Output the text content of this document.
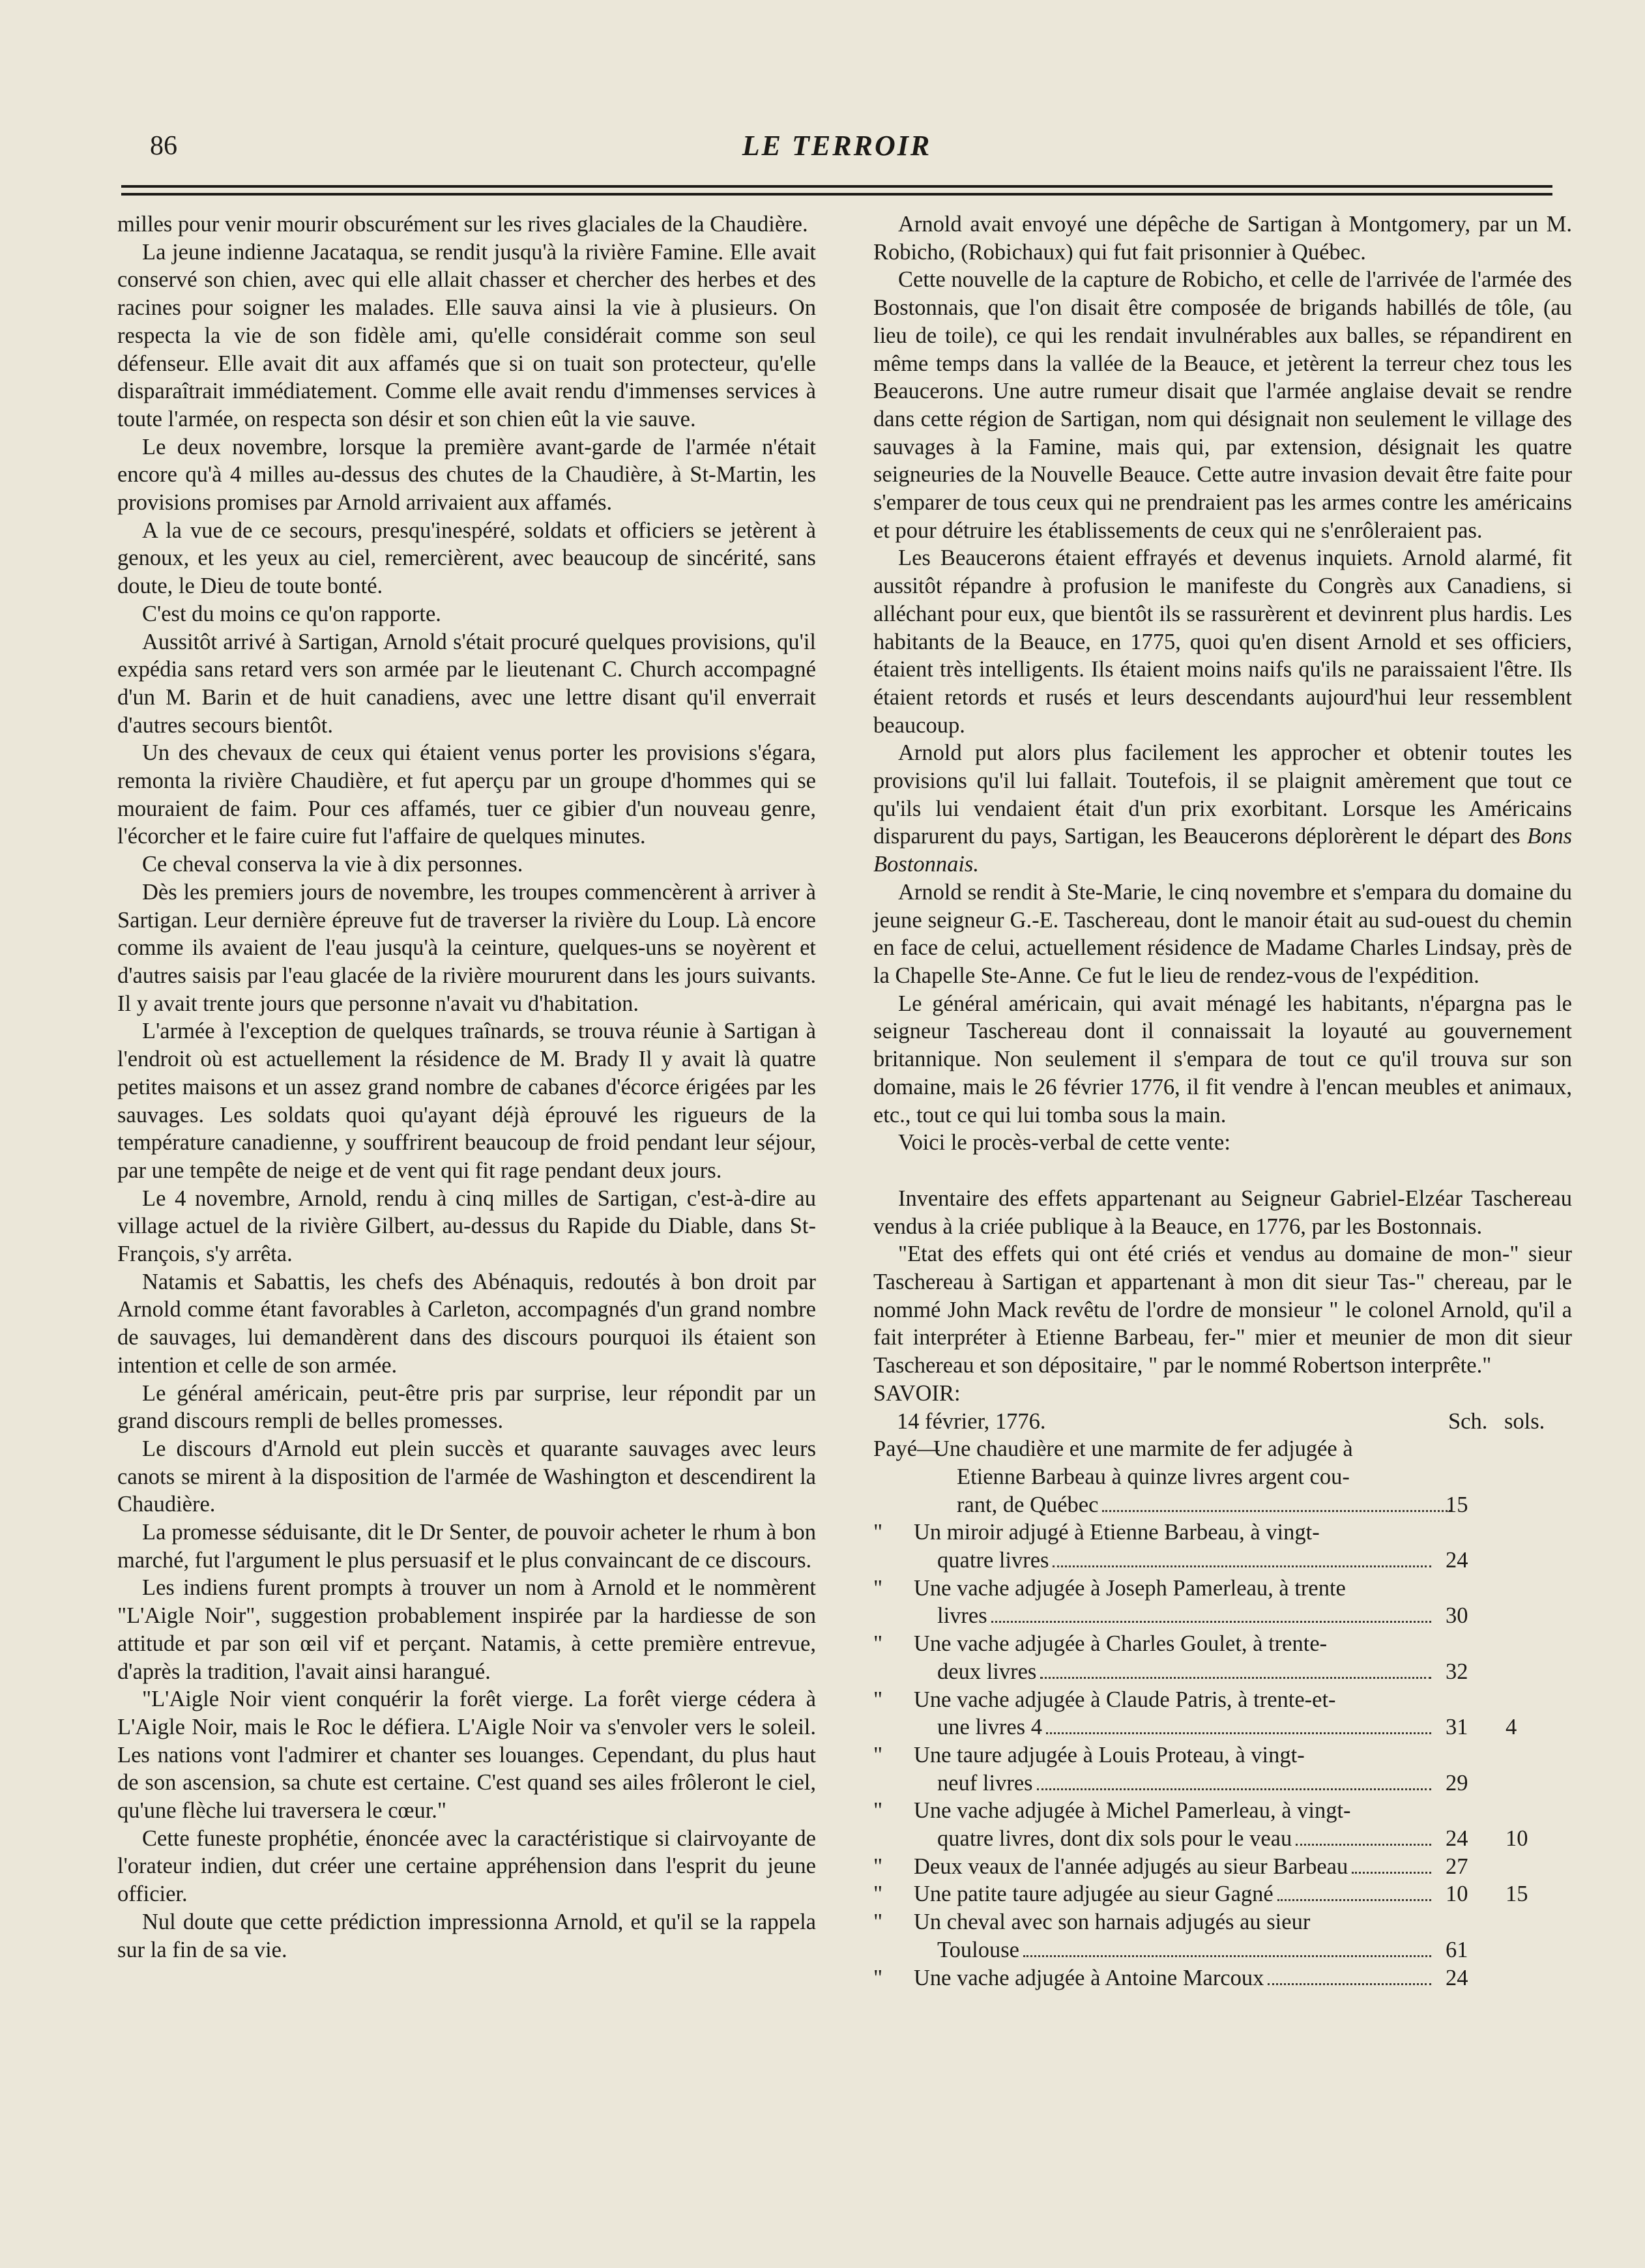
86	LE TERROIR

milles pour venir mourir obscurément sur les rives glaciales de la Chaudière.

La jeune indienne Jacataqua, se rendit jusqu'à la rivière Famine. Elle avait conservé son chien, avec qui elle allait chasser et chercher des herbes et des racines pour soigner les malades. Elle sauva ainsi la vie à plusieurs. On respecta la vie de son fidèle ami, qu'elle considérait comme son seul défenseur. Elle avait dit aux affamés que si on tuait son protecteur, qu'elle disparaîtrait immédiatement. Comme elle avait rendu d'immenses services à toute l'armée, on respecta son désir et son chien eût la vie sauve.

Le deux novembre, lorsque la première avant-garde de l'armée n'était encore qu'à 4 milles au-dessus des chutes de la Chaudière, à St-Martin, les provisions promises par Arnold arrivaient aux affamés.

A la vue de ce secours, presqu'inespéré, soldats et officiers se jetèrent à genoux, et les yeux au ciel, remercièrent, avec beaucoup de sincérité, sans doute, le Dieu de toute bonté.

C'est du moins ce qu'on rapporte.

Aussitôt arrivé à Sartigan, Arnold s'était procuré quelques provisions, qu'il expédia sans retard vers son armée par le lieutenant C. Church accompagné d'un M. Barin et de huit canadiens, avec une lettre disant qu'il enverrait d'autres secours bientôt.

Un des chevaux de ceux qui étaient venus porter les provisions s'égara, remonta la rivière Chaudière, et fut aperçu par un groupe d'hommes qui se mouraient de faim. Pour ces affamés, tuer ce gibier d'un nouveau genre, l'écorcher et le faire cuire fut l'affaire de quelques minutes.

Ce cheval conserva la vie à dix personnes.

Dès les premiers jours de novembre, les troupes commencèrent à arriver à Sartigan. Leur dernière épreuve fut de traverser la rivière du Loup. Là encore comme ils avaient de l'eau jusqu'à la ceinture, quelques-uns se noyèrent et d'autres saisis par l'eau glacée de la rivière moururent dans les jours suivants. Il y avait trente jours que personne n'avait vu d'habitation.

L'armée à l'exception de quelques traînards, se trouva réunie à Sartigan à l'endroit où est actuellement la résidence de M. Brady Il y avait là quatre petites maisons et un assez grand nombre de cabanes d'écorce érigées par les sauvages. Les soldats quoi qu'ayant déjà éprouvé les rigueurs de la température canadienne, y souffrirent beaucoup de froid pendant leur séjour, par une tempête de neige et de vent qui fit rage pendant deux jours.

Le 4 novembre, Arnold, rendu à cinq milles de Sartigan, c'est-à-dire au village actuel de la rivière Gilbert, au-dessus du Rapide du Diable, dans St-François, s'y arrêta.

Natamis et Sabattis, les chefs des Abénaquis, redoutés à bon droit par Arnold comme étant favorables à Carleton, accompagnés d'un grand nombre de sauvages, lui demandèrent dans des discours pourquoi ils étaient son intention et celle de son armée.

Le général américain, peut-être pris par surprise, leur répondit par un grand discours rempli de belles promesses.

Le discours d'Arnold eut plein succès et quarante sauvages avec leurs canots se mirent à la disposition de l'armée de Washington et descendirent la Chaudière.

La promesse séduisante, dit le Dr Senter, de pouvoir acheter le rhum à bon marché, fut l'argument le plus persuasif et le plus convaincant de ce discours.

Les indiens furent prompts à trouver un nom à Arnold et le nommèrent "L'Aigle Noir", suggestion probablement inspirée par la hardiesse de son attitude et par son œil vif et perçant. Natamis, à cette première entrevue, d'après la tradition, l'avait ainsi harangué.

"L'Aigle Noir vient conquérir la forêt vierge. La forêt vierge cédera à L'Aigle Noir, mais le Roc le défiera. L'Aigle Noir va s'envoler vers le soleil. Les nations vont l'admirer et chanter ses louanges. Cependant, du plus haut de son ascension, sa chute est certaine. C'est quand ses ailes frôleront le ciel, qu'une flèche lui traversera le cœur."

Cette funeste prophétie, énoncée avec la caractéristique si clairvoyante de l'orateur indien, dut créer une certaine appréhension dans l'esprit du jeune officier.

Nul doute que cette prédiction impressionna Arnold, et qu'il se la rappela sur la fin de sa vie.

Arnold avait envoyé une dépêche de Sartigan à Montgomery, par un M. Robicho, (Robichaux) qui fut fait prisonnier à Québec.

Cette nouvelle de la capture de Robicho, et celle de l'arrivée de l'armée des Bostonnais, que l'on disait être composée de brigands habillés de tôle, (au lieu de toile), ce qui les rendait invulnérables aux balles, se répandirent en même temps dans la vallée de la Beauce, et jetèrent la terreur chez tous les Beaucerons. Une autre rumeur disait que l'armée anglaise devait se rendre dans cette région de Sartigan, nom qui désignait non seulement le village des sauvages à la Famine, mais qui, par extension, désignait les quatre seigneuries de la Nouvelle Beauce. Cette autre invasion devait être faite pour s'emparer de tous ceux qui ne prendraient pas les armes contre les américains et pour détruire les établissements de ceux qui ne s'enrôleraient pas.

Les Beaucerons étaient effrayés et devenus inquiets. Arnold alarmé, fit aussitôt répandre à profusion le manifeste du Congrès aux Canadiens, si alléchant pour eux, que bientôt ils se rassurèrent et devinrent plus hardis. Les habitants de la Beauce, en 1775, quoi qu'en disent Arnold et ses officiers, étaient très intelligents. Ils étaient moins naifs qu'ils ne paraissaient l'être. Ils étaient retords et rusés et leurs descendants aujourd'hui leur ressemblent beaucoup.

Arnold put alors plus facilement les approcher et obtenir toutes les provisions qu'il lui fallait. Toutefois, il se plaignit amèrement que tout ce qu'ils lui vendaient était d'un prix exorbitant. Lorsque les Américains disparurent du pays, Sartigan, les Beaucerons déplorèrent le départ des Bons Bostonnais.

Arnold se rendit à Ste-Marie, le cinq novembre et s'empara du domaine du jeune seigneur G.-E. Taschereau, dont le manoir était au sud-ouest du chemin en face de celui, actuellement résidence de Madame Charles Lindsay, près de la Chapelle Ste-Anne. Ce fut le lieu de rendez-vous de l'expédition.

Le général américain, qui avait ménagé les habitants, n'épargna pas le seigneur Taschereau dont il connaissait la loyauté au gouvernement britannique. Non seulement il s'empara de tout ce qu'il trouva sur son domaine, mais le 26 février 1776, il fit vendre à l'encan meubles et animaux, etc., tout ce qui lui tomba sous la main.

Voici le procès-verbal de cette vente:

Inventaire des effets appartenant au Seigneur Gabriel-Elzéar Taschereau vendus à la criée publique à la Beauce, en 1776, par les Bostonnais.

"Etat des effets qui ont été criés et vendus au domaine de mon-" sieur Taschereau à Sartigan et appartenant à mon dit sieur Tas-" chereau, par le nommé John Mack revêtu de l'ordre de monsieur " le colonel Arnold, qu'il a fait interpréter à Etienne Barbeau, fer-" mier et meunier de mon dit sieur Taschereau et son dépositaire, " par le nommé Robertson interprête."

SAVOIR:

14 février, 1776.	Sch. sols.
Payé—
Une chaudière et une marmite de fer adjugée à
Etienne Barbeau à quinze livres argent cou-
rant, de Québec	15
" Un miroir adjugé à Etienne Barbeau, à vingt-
quatre livres	24
" Une vache adjugée à Joseph Pamerleau, à trente
livres	30
" Une vache adjugée à Charles Goulet, à trente-
deux livres	32
" Une vache adjugée à Claude Patris, à trente-et-
une livres 4	31	4
" Une taure adjugée à Louis Proteau, à vingt-
neuf livres	29
" Une vache adjugée à Michel Pamerleau, à vingt-
quatre livres, dont dix sols pour le veau	24	10
" Deux veaux de l'année adjugés au sieur Barbeau	27
" Une patite taure adjugée au sieur Gagné	10	15
" Un cheval avec son harnais adjugés au sieur
Toulouse	61
" Une vache adjugée à Antoine Marcoux	24
